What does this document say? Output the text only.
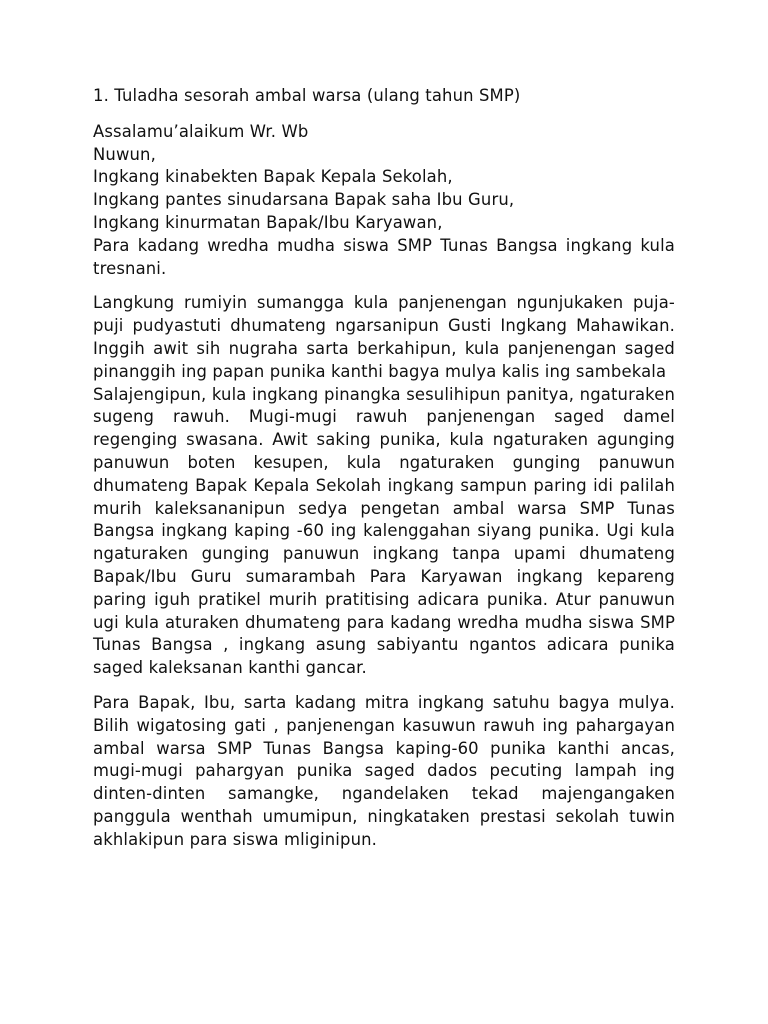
1. Tuladha sesorah ambal warsa (ulang tahun SMP)

Assalamu’alaikum Wr. Wb
Nuwun,
Ingkang kinabekten Bapak Kepala Sekolah,
Ingkang pantes sinudarsana Bapak saha Ibu Guru,
Ingkang kinurmatan Bapak/Ibu Karyawan,
Para kadang wredha mudha siswa SMP Tunas Bangsa ingkang kula tresnani.

Langkung rumiyin sumangga kula panjenengan ngunjukaken puja-puji pudyastuti dhumateng ngarsanipun Gusti Ingkang Mahawikan. Inggih awit sih nugraha sarta berkahipun, kula panjenengan saged pinanggih ing papan punika kanthi bagya mulya kalis ing sambekala

Salajengipun, kula ingkang pinangka sesulihipun panitya, ngaturaken sugeng rawuh. Mugi-mugi rawuh panjenengan saged damel regenging swasana. Awit saking punika, kula ngaturaken agunging panuwun boten kesupen, kula ngaturaken gunging panuwun dhumateng Bapak Kepala Sekolah ingkang sampun paring idi palilah murih kaleksananipun sedya pengetan ambal warsa SMP Tunas Bangsa ingkang kaping -60 ing kalenggahan siyang punika. Ugi kula ngaturaken gunging panuwun ingkang tanpa upami dhumateng Bapak/Ibu Guru sumarambah Para Karyawan ingkang kepareng paring iguh pratikel murih pratitising adicara punika. Atur panuwun ugi kula aturaken dhumateng para kadang wredha mudha siswa SMP Tunas Bangsa , ingkang asung sabiyantu ngantos adicara punika saged kaleksanan kanthi gancar.

Para Bapak, Ibu, sarta kadang mitra ingkang satuhu bagya mulya. Bilih wigatosing gati , panjenengan kasuwun rawuh ing pahargayan ambal warsa SMP Tunas Bangsa kaping-60 punika kanthi ancas, mugi-mugi pahargyan punika saged dados pecuting lampah ing dinten-dinten samangke, ngandelaken tekad majengangaken panggula wenthah umumipun, ningkataken prestasi sekolah tuwin akhlakipun para siswa mliginipun.
